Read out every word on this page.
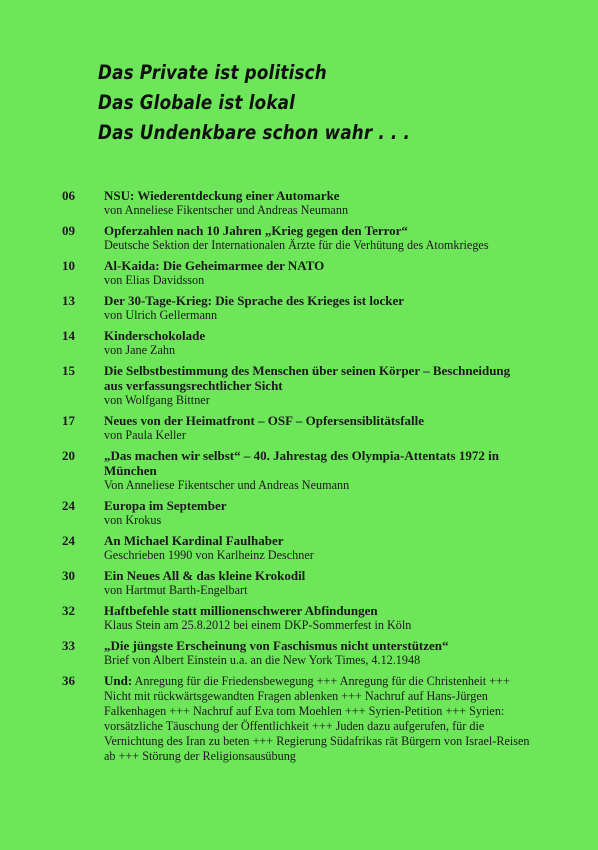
Das Private ist politisch
Das Globale ist lokal
Das Undenkbare schon wahr . . .
06	NSU: Wiederentdeckung einer Automarke
von Anneliese Fikentscher und Andreas Neumann
09	Opferzahlen nach 10 Jahren „Krieg gegen den Terror“
Deutsche Sektion der Internationalen Ärzte für die Verhütung des Atomkrieges
10	Al-Kaida: Die Geheimarmee der NATO
von Elias Davidsson
13	Der 30-Tage-Krieg: Die Sprache des Krieges ist locker
von Ulrich Gellermann
14	Kinderschokolade
von Jane Zahn
15	Die Selbstbestimmung des Menschen über seinen Körper – Beschneidung aus verfassungsrechtlicher Sicht
von Wolfgang Bittner
17	Neues von der Heimatfront – OSF – Opfersensiblitätsfalle
von Paula Keller
20	„Das machen wir selbst“ – 40. Jahrestag des Olympia-Attentats 1972 in München
Von Anneliese Fikentscher und Andreas Neumann
24	Europa im September
von Krokus
24	An Michael Kardinal Faulhaber
Geschrieben 1990 von Karlheinz Deschner
30	Ein Neues All & das kleine Krokodil
von Hartmut Barth-Engelbart
32	Haftbefehle statt millionenschwerer Abfindungen
Klaus Stein am 25.8.2012 bei einem DKP-Sommerfest in Köln
33	„Die jüngste Erscheinung von Faschismus nicht unterstützen“
Brief von Albert Einstein u.a. an die New York Times, 4.12.1948
36	Und: Anregung für die Friedensbewegung +++ Anregung für die Christenheit +++ Nicht mit rückwärtsgewandten Fragen ablenken +++ Nachruf auf Hans-Jürgen Falkenhagen +++ Nachruf auf Eva tom Moehlen +++ Syrien-Petition +++ Syrien: vorsätzliche Täuschung der Öffentlichkeit +++ Juden dazu aufgerufen, für die Vernichtung des Iran zu beten +++ Regierung Südafrikas rät Bürgern von Israel-Reisen ab +++ Störung der Religionsausübung
